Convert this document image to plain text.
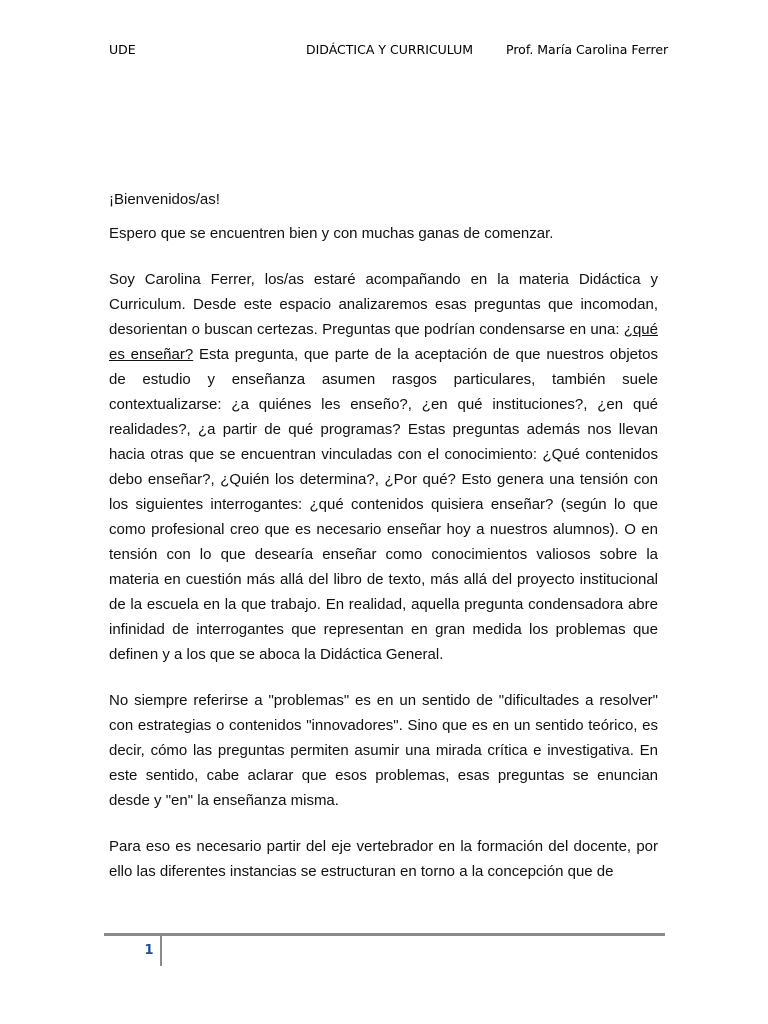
UDE	DIDÁCTICA Y CURRICULUM	Prof. María Carolina Ferrer

¡Bienvenidos/as!

Espero que se encuentren bien y con muchas ganas de comenzar.

Soy Carolina Ferrer, los/as estaré acompañando en la materia Didáctica y Curriculum. Desde este espacio analizaremos esas preguntas que incomodan, desorientan o buscan certezas. Preguntas que podrían condensarse en una: ¿qué es enseñar? Esta pregunta, que parte de la aceptación de que nuestros objetos de estudio y enseñanza asumen rasgos particulares, también suele contextualizarse: ¿a quiénes les enseño?, ¿en qué instituciones?, ¿en qué realidades?, ¿a partir de qué programas? Estas preguntas además nos llevan hacia otras que se encuentran vinculadas con el conocimiento: ¿Qué contenidos debo enseñar?, ¿Quién los determina?, ¿Por qué? Esto genera una tensión con los siguientes interrogantes: ¿qué contenidos quisiera enseñar? (según lo que como profesional creo que es necesario enseñar hoy a nuestros alumnos). O en tensión con lo que desearía enseñar como conocimientos valiosos sobre la materia en cuestión más allá del libro de texto, más allá del proyecto institucional de la escuela en la que trabajo. En realidad, aquella pregunta condensadora abre infinidad de interrogantes que representan en gran medida los problemas que definen y a los que se aboca la Didáctica General.

No siempre referirse a "problemas" es en un sentido de "dificultades a resolver" con estrategias o contenidos "innovadores". Sino que es en un sentido teórico, es decir, cómo las preguntas permiten asumir una mirada crítica e investigativa. En este sentido, cabe aclarar que esos problemas, esas preguntas se enuncian desde y "en" la enseñanza misma.

Para eso es necesario partir del eje vertebrador en la formación del docente, por ello las diferentes instancias se estructuran en torno a la concepción que de

1
